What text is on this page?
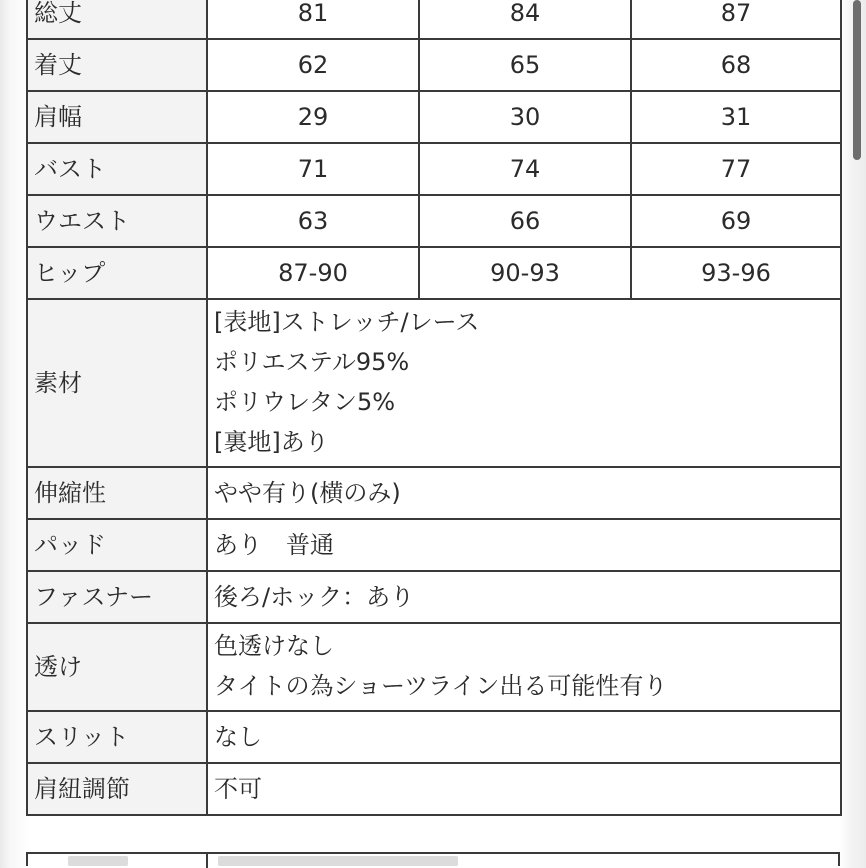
総丈	81	84	87
着丈	62	65	68
肩幅	29	30	31
バスト	71	74	77
ウエスト	63	66	69
ヒップ	87-90	90-93	93-96
素材	[表地]ストレッチ/レース
ポリエステル95%
ポリウレタン5%
[裏地]あり		

伸縮性	やや有り(横のみ)		
パッド	あり　普通		
ファスナー	後ろ/ホック：あり		
透け	色透けなし
タイトの為ショーツライン出る可能性有り		

スリット	なし		
肩紐調節	不可		
